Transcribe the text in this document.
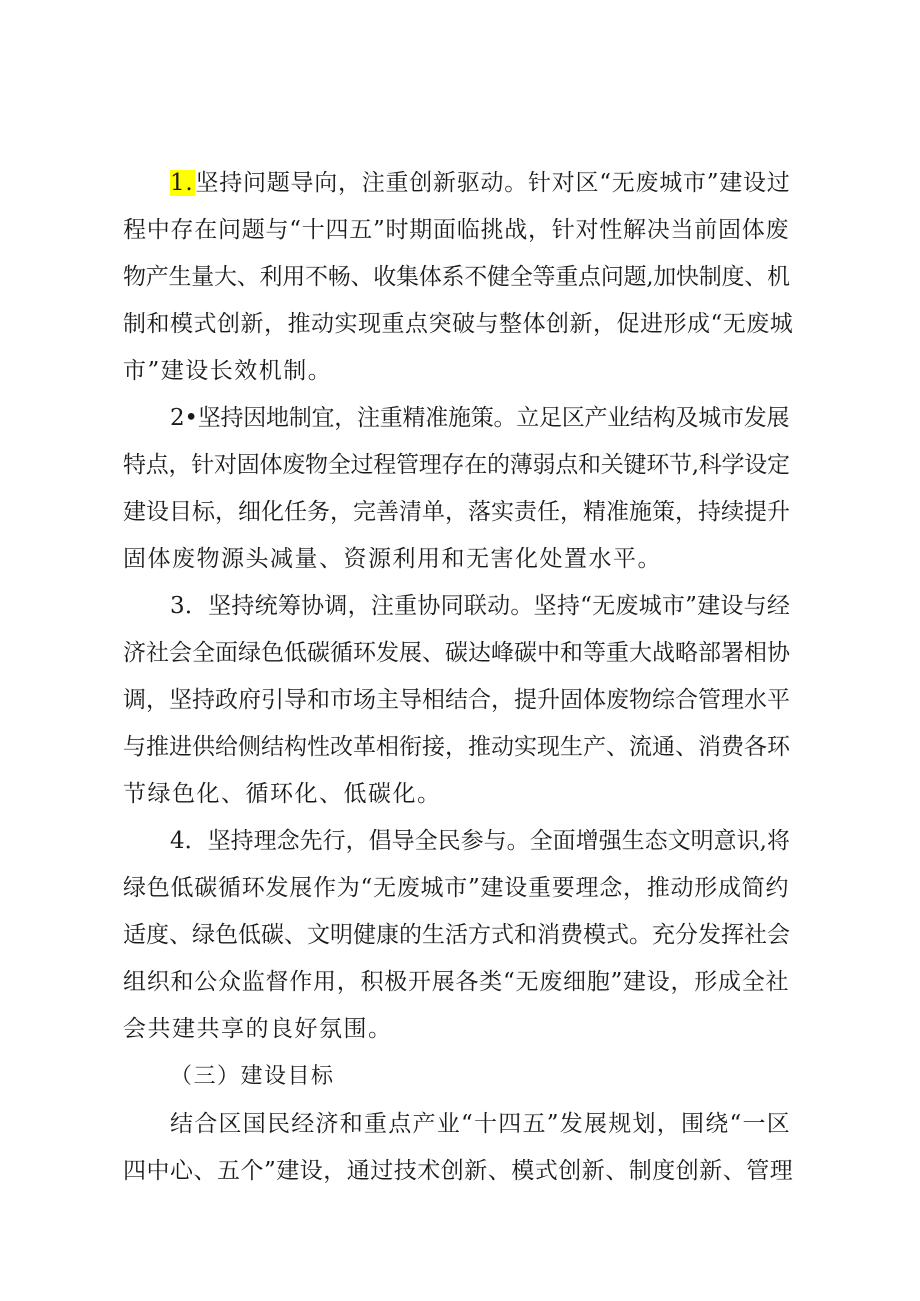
1.坚持问题导向，注重创新驱动。针对区“无废城市”建设过
程中存在问题与“十四五”时期面临挑战，针对性解决当前固体废
物产生量大、利用不畅、收集体系不健全等重点问题,加快制度、机
制和模式创新，推动实现重点突破与整体创新，促进形成“无废城
市”建设长效机制。
2•坚持因地制宜，注重精准施策。立足区产业结构及城市发展
特点，针对固体废物全过程管理存在的薄弱点和关键环节,科学设定
建设目标，细化任务，完善清单，落实责任，精准施策，持续提升
固体废物源头减量、资源利用和无害化处置水平。
3．坚持统筹协调，注重协同联动。坚持“无废城市”建设与经
济社会全面绿色低碳循环发展、碳达峰碳中和等重大战略部署相协
调，坚持政府引导和市场主导相结合，提升固体废物综合管理水平
与推进供给侧结构性改革相衔接，推动实现生产、流通、消费各环
节绿色化、循环化、低碳化。
4．坚持理念先行，倡导全民参与。全面增强生态文明意识,将
绿色低碳循环发展作为“无废城市”建设重要理念，推动形成简约
适度、绿色低碳、文明健康的生活方式和消费模式。充分发挥社会
组织和公众监督作用，积极开展各类“无废细胞”建设，形成全社
会共建共享的良好氛围。
（三）建设目标
结合区国民经济和重点产业“十四五”发展规划，围绕“一区
四中心、五个”建设，通过技术创新、模式创新、制度创新、管理
